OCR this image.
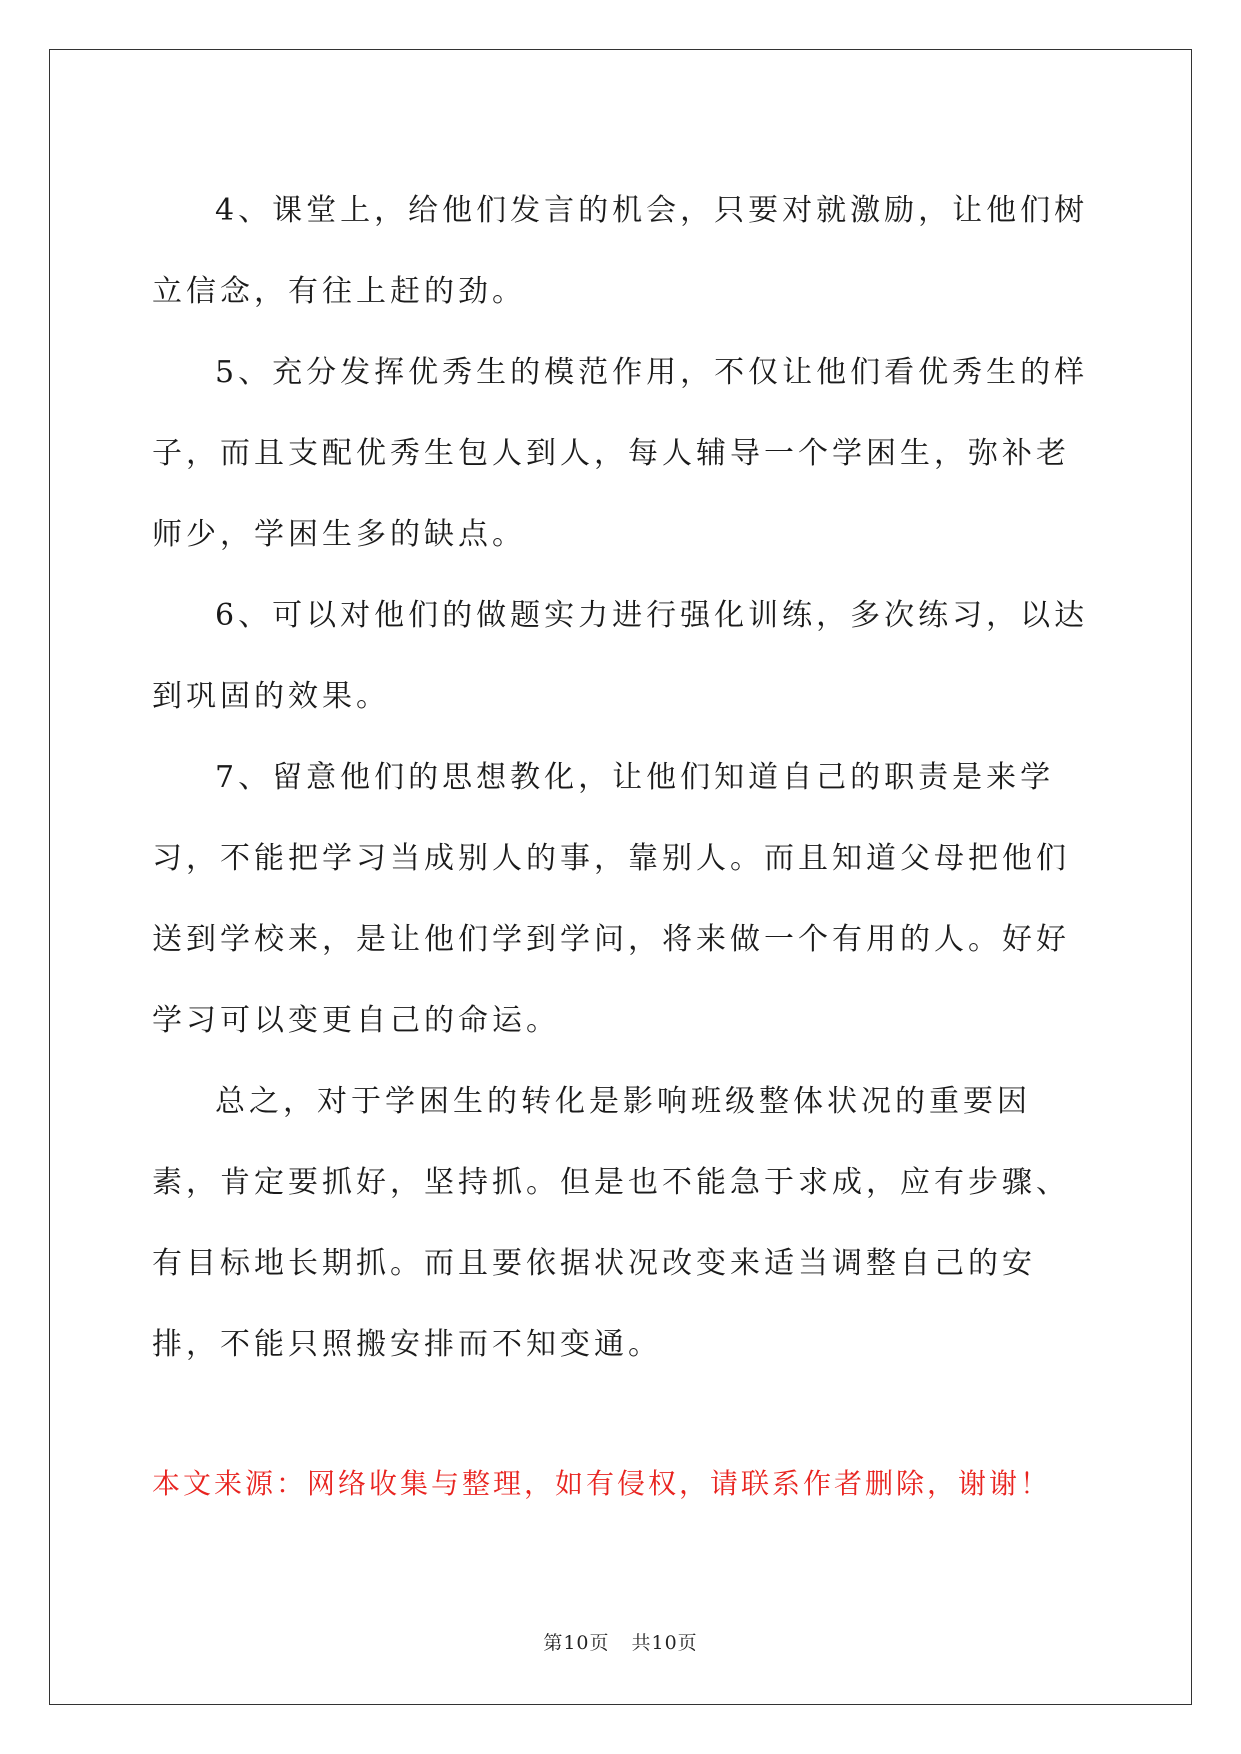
4、课堂上，给他们发言的机会，只要对就激励，让他们树立信念，有往上赶的劲。

5、充分发挥优秀生的模范作用，不仅让他们看优秀生的样子，而且支配优秀生包人到人，每人辅导一个学困生，弥补老师少，学困生多的缺点。

6、可以对他们的做题实力进行强化训练，多次练习，以达到巩固的效果。

7、留意他们的思想教化，让他们知道自己的职责是来学习，不能把学习当成别人的事，靠别人。而且知道父母把他们送到学校来，是让他们学到学问，将来做一个有用的人。好好学习可以变更自己的命运。

总之，对于学困生的转化是影响班级整体状况的重要因素，肯定要抓好，坚持抓。但是也不能急于求成，应有步骤、有目标地长期抓。而且要依据状况改变来适当调整自己的安排，不能只照搬安排而不知变通。

本文来源：网络收集与整理，如有侵权，请联系作者删除，谢谢！

第10页 共10页
